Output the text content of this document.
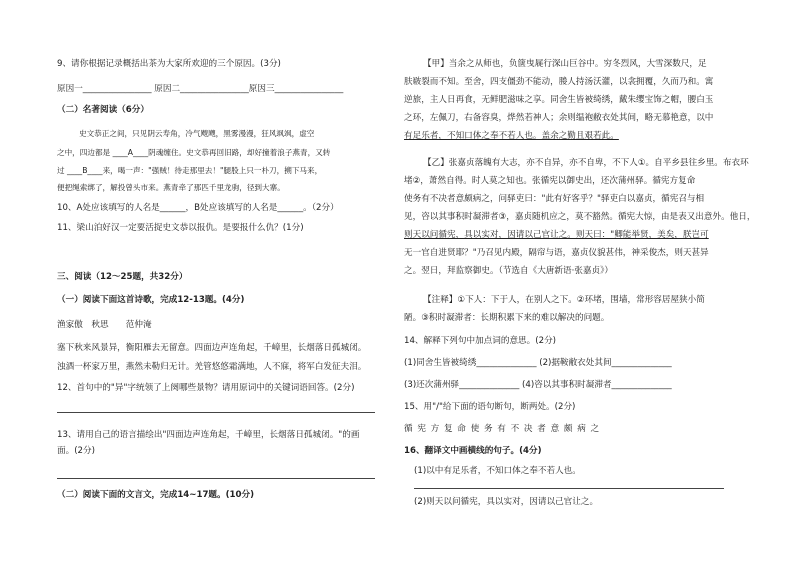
9、请你根据记录概括出茶为大家所欢迎的三个原因。(3分)
原因一________________ 原因二________________原因三________________
（二）名著阅读（6分）
史文恭正之间，只见阴云寿角，冷气飕飕，黑雾漫漫，狂风飒飒，虚空
之中，四边都是 ____A____阴魂缠住。史文恭再回旧路，却好撞着浪子燕青，又转
过 ____B____来，喝一声："强贼！待走那里去！"腿股上只一朴刀，搠下马来，
便把绳索绑了，解投曾头市来。燕青牵了那匹千里龙驹，径到大寨。
10、A处应该填写的人名是______，B处应该填写的人名是______。（2分）
11、梁山泊好汉一定要活捉史文恭以报仇。是要报什么仇？(1分)
三、阅读（12～25题，共32分）
（一）阅读下面这首诗歌，完成12-13题。(4分)
渔家傲　秋思　　范仲淹
塞下秋来风景异，衡阳雁去无留意。四面边声连角起，千嶂里，长烟落日孤城闭。
浊酒一杯家万里，燕然未勒归无计。羌管悠悠霜满地，人不寐，将军白发征夫泪。
12、首句中的"异"字统领了上阕哪些景物？请用原词中的关键词语回答。(2分)
13、请用自己的语言描绘出"四面边声连角起，千嶂里，长烟落日孤城闭。"的画
面。(2分)
（二）阅读下面的文言文，完成14~17题。(10分)
【甲】当余之从师也，负箧曳屣行深山巨谷中。穷冬烈风，大雪深数尺，足
肤皲裂而不知。至舍，四支僵劲不能动，媵人持汤沃灌，以衾拥覆，久而乃和。寓
逆旅，主人日再食，无鲜肥滋味之享。同舍生皆被绮绣，戴朱缨宝饰之帽，腰白玉
之环，左佩刀，右备容臭，烨然若神人；余则缊袍敝衣处其间，略无慕艳意，以中
有足乐者，不知口体之奉不若人也。盖余之勤且艰若此。
【乙】张嘉贞落魄有大志，亦不自异，亦不自卑，不下人①。自平乡县往乡里。布衣环
堵②，萧然自得。时人莫之知也。张循宪以御史出，还次蒲州驿。循宪方复命
使务有不决者意颇病之，问驿吏曰："此有好客乎？"驿吏白以嘉贞，循宪召与相
见，咨以其事积时凝滞者③，嘉贞随机应之，莫不豁然。循宪大惊，由是表又出意外。他日，
则天以问循宪，具以实对，因请以己官让之。则天曰："卿能举贤，美矣，朕岂可
无一官自进贤耶？"乃召见内殿，隔帘与语，嘉贞仪貌甚伟，神采俊杰，则天甚异
之。翌日，拜监察御史。（节选自《大唐新语·张嘉贞》）
【注释】①下人：下于人，在别人之下。②环堵，围墙，常形容居屋狭小简
陋。③积时凝滞者：长期积累下来的难以解决的问题。
14、解释下列句中加点词的意思。(2分)
(1)同舍生皆被绮绣______________ (2)据鞍敝衣处其间______________
(3)还次蒲州驿______________ (4)咨以其事积时凝滞者______________
15、用"/"给下面的语句断句，断两处。(2分)
循 宪 方 复 命 使 务 有 不 决 者 意 颇 病 之
16、翻译文中画横线的句子。(4分)
(1)以中有足乐者，不知口体之奉不若人也。
(2)则天以问循宪，具以实对，因请以己官让之。
